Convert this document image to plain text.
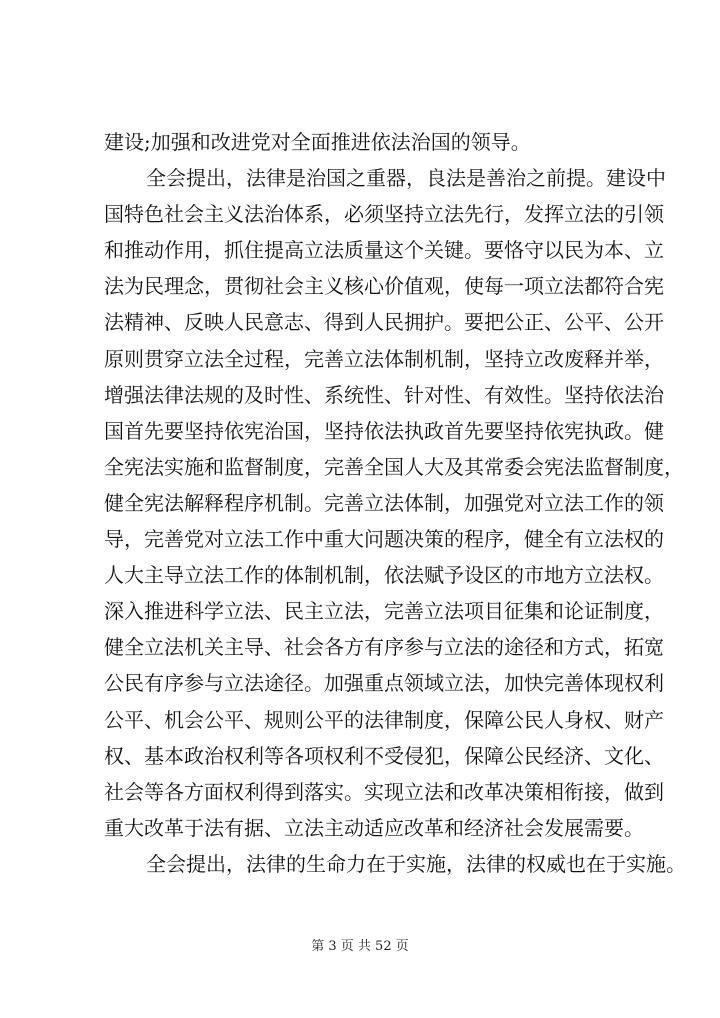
建设;加强和改进党对全面推进依法治国的领导。
全会提出，法律是治国之重器，良法是善治之前提。建设中
国特色社会主义法治体系，必须坚持立法先行，发挥立法的引领
和推动作用，抓住提高立法质量这个关键。要恪守以民为本、立
法为民理念，贯彻社会主义核心价值观，使每一项立法都符合宪
法精神、反映人民意志、得到人民拥护。要把公正、公平、公开
原则贯穿立法全过程，完善立法体制机制，坚持立改废释并举，
增强法律法规的及时性、系统性、针对性、有效性。坚持依法治
国首先要坚持依宪治国，坚持依法执政首先要坚持依宪执政。健
全宪法实施和监督制度，完善全国人大及其常委会宪法监督制度，
健全宪法解释程序机制。完善立法体制，加强党对立法工作的领
导，完善党对立法工作中重大问题决策的程序，健全有立法权的
人大主导立法工作的体制机制，依法赋予设区的市地方立法权。
深入推进科学立法、民主立法，完善立法项目征集和论证制度，
健全立法机关主导、社会各方有序参与立法的途径和方式，拓宽
公民有序参与立法途径。加强重点领域立法，加快完善体现权利
公平、机会公平、规则公平的法律制度，保障公民人身权、财产
权、基本政治权利等各项权利不受侵犯，保障公民经济、文化、
社会等各方面权利得到落实。实现立法和改革决策相衔接，做到
重大改革于法有据、立法主动适应改革和经济社会发展需要。
全会提出，法律的生命力在于实施，法律的权威也在于实施。
第 3 页 共 52 页
